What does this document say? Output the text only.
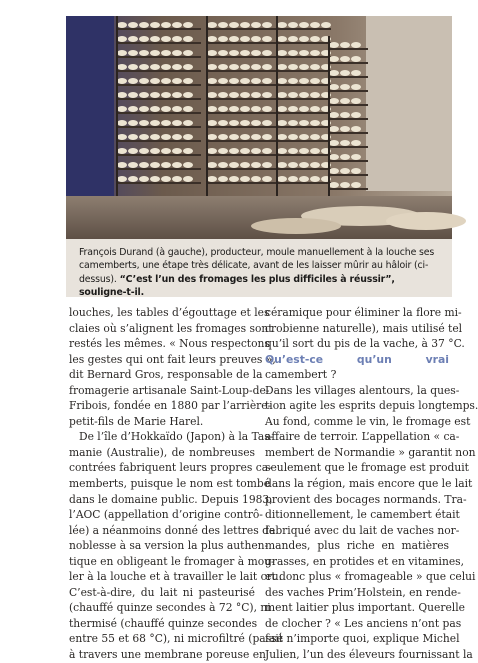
François Durand (à gauche), producteur, moule manuellement à la louche ses camemberts, une étape très délicate, avant de les laisser mûrir au hâloir (ci-dessus). “C’est l’un des fromages les plus difficiles à réussir”, souligne-t-il.

louches, les tables d’égouttage et les
claies où s’alignent les fromages sont
restés les mêmes. « Nous respectons
les gestes qui ont fait leurs preuves »,
dit Bernard Gros, responsable de la
fromagerie artisanale Saint-Loup-de-
Fribois, fondée en 1880 par l’arrière-
petit-fils de Marie Harel.

De l’île d’Hokkaïdo (Japon) à la Tas-
manie (Australie), de nombreuses
contrées fabriquent leurs propres ca-
memberts, puisque le nom est tombé
dans le domaine public. Depuis 1983,
l’AOC (appellation d’origine contrô-
lée) a néanmoins donné des lettres de
noblesse à sa version la plus authen-
tique en obligeant le fromager à mou-
ler à la louche et à travailler le lait cru.
C’est-à-dire, du lait ni pasteurisé
(chauffé quinze secondes à 72 °C), ni
thermisé (chauffé quinze secondes
entre 55 et 68 °C), ni microfiltré (passé
à travers une membrane poreuse en

céramique pour éliminer la flore mi-
crobienne naturelle), mais utilisé tel
qu’il sort du pis de la vache, à 37 °C.

Qu’est-ce qu’un vrai camembert ?

Dans les villages alentours, la ques-
tion agite les esprits depuis longtemps.
Au fond, comme le vin, le fromage est
affaire de terroir. L’appellation « ca-
membert de Normandie » garantit non
seulement que le fromage est produit
dans la région, mais encore que le lait
provient des bocages normands. Tra-
ditionnellement, le camembert était
fabriqué avec du lait de vaches nor-
mandes, plus riche en matières
grasses, en protides et en vitamines,
et donc plus « fromageable » que celui
des vaches Prim’Holstein, en rende-
ment laitier plus important. Querelle
de clocher ? « Les anciens n’ont pas
fait n’importe quoi, explique Michel
Julien, l’un des éleveurs fournissant la
